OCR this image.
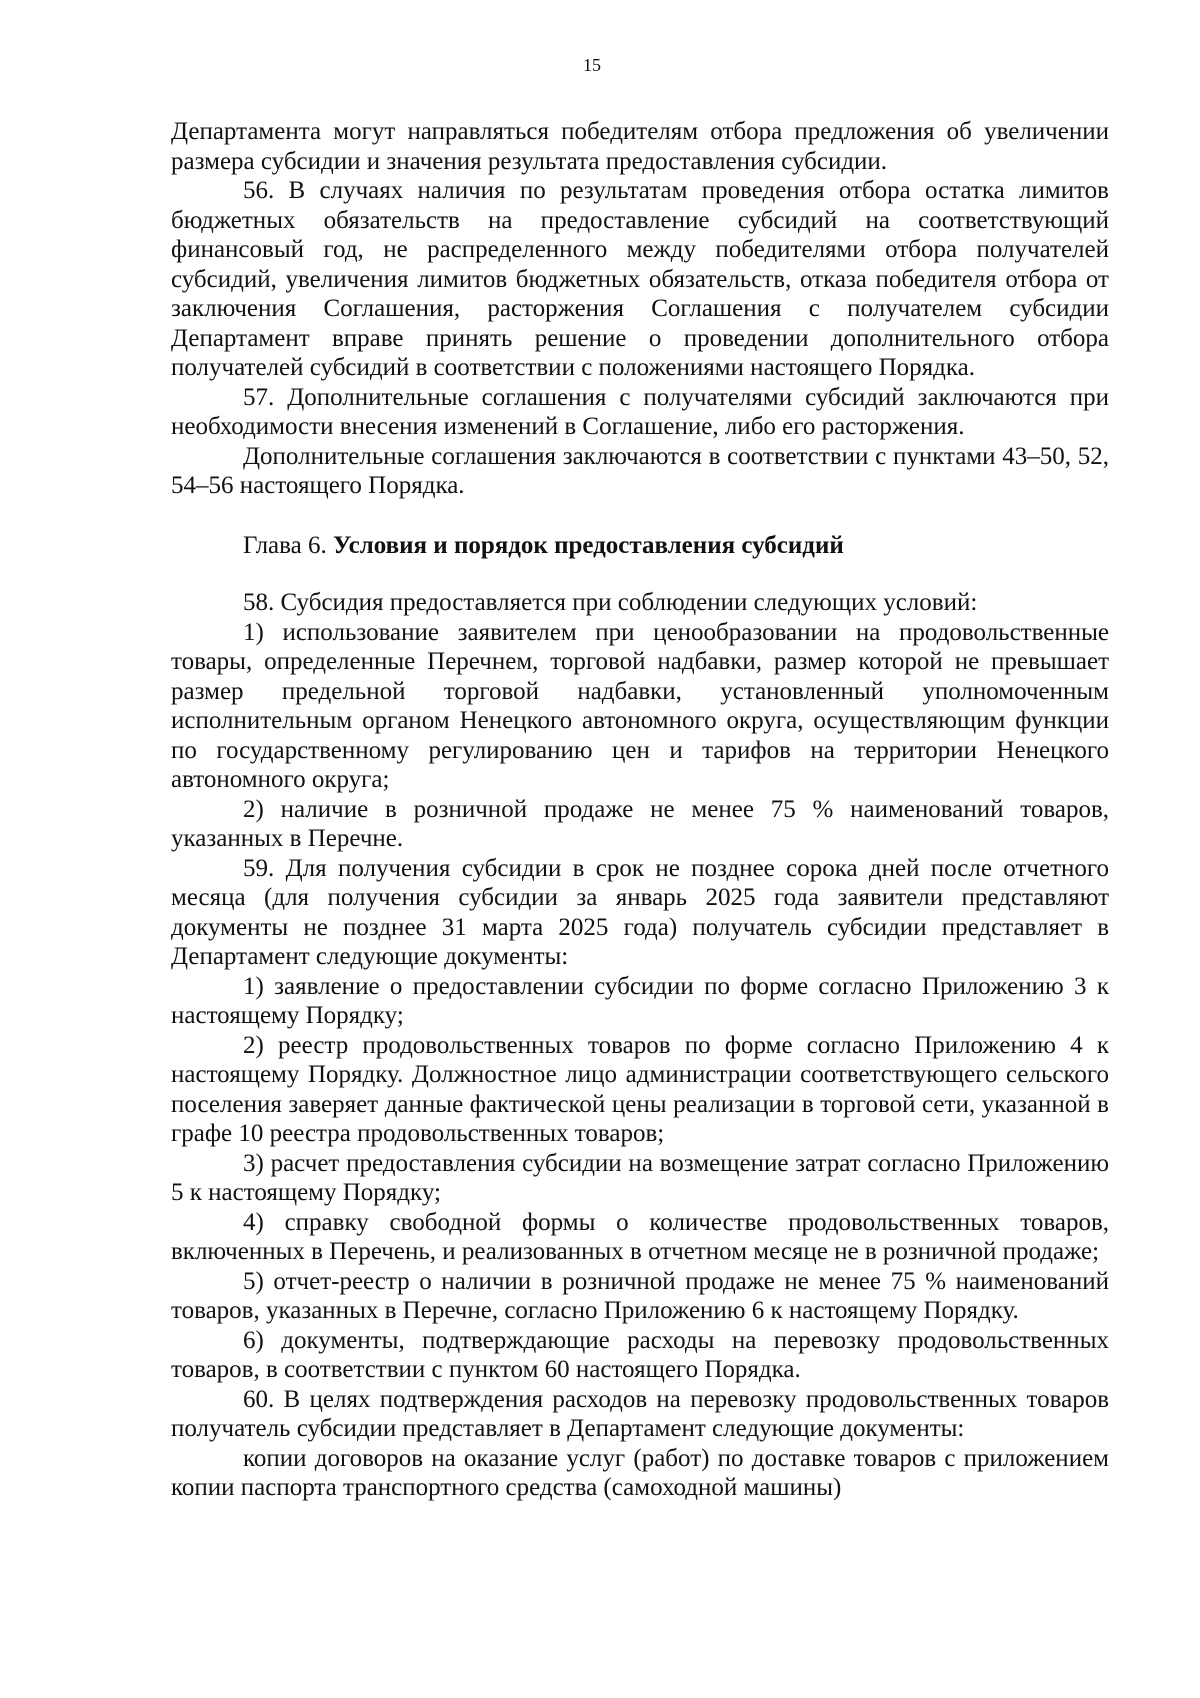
15

Департамента могут направляться победителям отбора предложения об увеличении размера субсидии и значения результата предоставления субсидии.

56. В случаях наличия по результатам проведения отбора остатка лимитов бюджетных обязательств на предоставление субсидий на соответствующий финансовый год, не распределенного между победителями отбора получателей субсидий, увеличения лимитов бюджетных обязательств, отказа победителя отбора от заключения Соглашения, расторжения Соглашения с получателем субсидии Департамент вправе принять решение о проведении дополнительного отбора получателей субсидий в соответствии с положениями настоящего Порядка.

57. Дополнительные соглашения с получателями субсидий заключаются при необходимости внесения изменений в Соглашение, либо его расторжения.

Дополнительные соглашения заключаются в соответствии с пунктами 43–50, 52, 54–56 настоящего Порядка.

Глава 6. Условия и порядок предоставления субсидий

58. Субсидия предоставляется при соблюдении следующих условий:

1) использование заявителем при ценообразовании на продовольственные товары, определенные Перечнем, торговой надбавки, размер которой не превышает размер предельной торговой надбавки, установленный уполномоченным исполнительным органом Ненецкого автономного округа, осуществляющим функции по государственному регулированию цен и тарифов на территории Ненецкого автономного округа;

2) наличие в розничной продаже не менее 75 % наименований товаров, указанных в Перечне.

59. Для получения субсидии в срок не позднее сорока дней после отчетного месяца (для получения субсидии за январь 2025 года заявители представляют документы не позднее 31 марта 2025 года) получатель субсидии представляет в Департамент следующие документы:

1) заявление о предоставлении субсидии по форме согласно Приложению 3 к настоящему Порядку;

2) реестр продовольственных товаров по форме согласно Приложению 4 к настоящему Порядку. Должностное лицо администрации соответствующего сельского поселения заверяет данные фактической цены реализации в торговой сети, указанной в графе 10 реестра продовольственных товаров;

3) расчет предоставления субсидии на возмещение затрат согласно Приложению 5 к настоящему Порядку;

4) справку свободной формы о количестве продовольственных товаров, включенных в Перечень, и реализованных в отчетном месяце не в розничной продаже;

5) отчет-реестр о наличии в розничной продаже не менее 75 % наименований товаров, указанных в Перечне, согласно Приложению 6 к настоящему Порядку.

6) документы, подтверждающие расходы на перевозку продовольственных товаров, в соответствии с пунктом 60 настоящего Порядка.

60. В целях подтверждения расходов на перевозку продовольственных товаров получатель субсидии представляет в Департамент следующие документы:

копии договоров на оказание услуг (работ) по доставке товаров с приложением копии паспорта транспортного средства (самоходной машины)
